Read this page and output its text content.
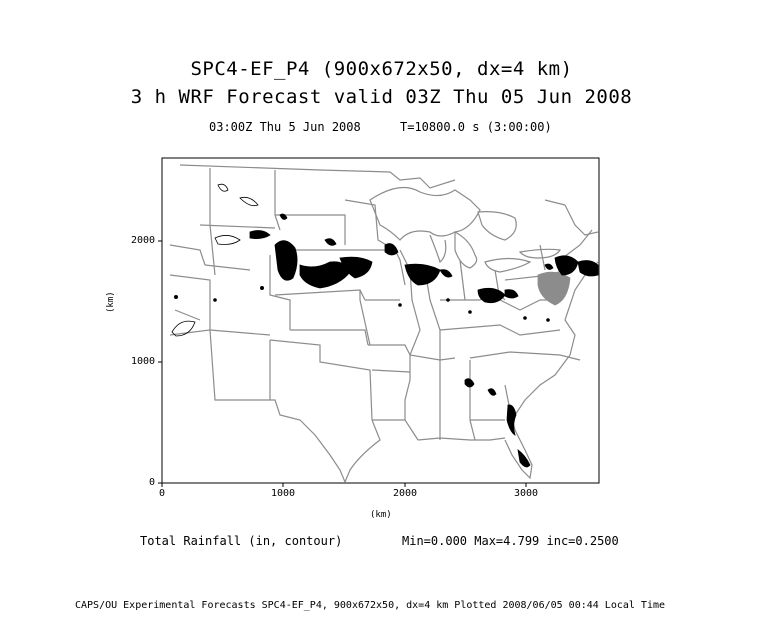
SPC4-EF_P4 (900x672x50, dx=4 km)
3 h WRF Forecast valid 03Z Thu 05 Jun 2008
03:00Z Thu 5 Jun 2008	T=10800.0 s (3:00:00)
0	1000	2000	3000
0
1000
2000
(km)
(km)
Total Rainfall (in, contour)	Min=0.000 Max=4.799 inc=0.2500
CAPS/OU Experimental Forecasts SPC4-EF_P4, 900x672x50, dx=4 km Plotted 2008/06/05 00:44 Local Time
